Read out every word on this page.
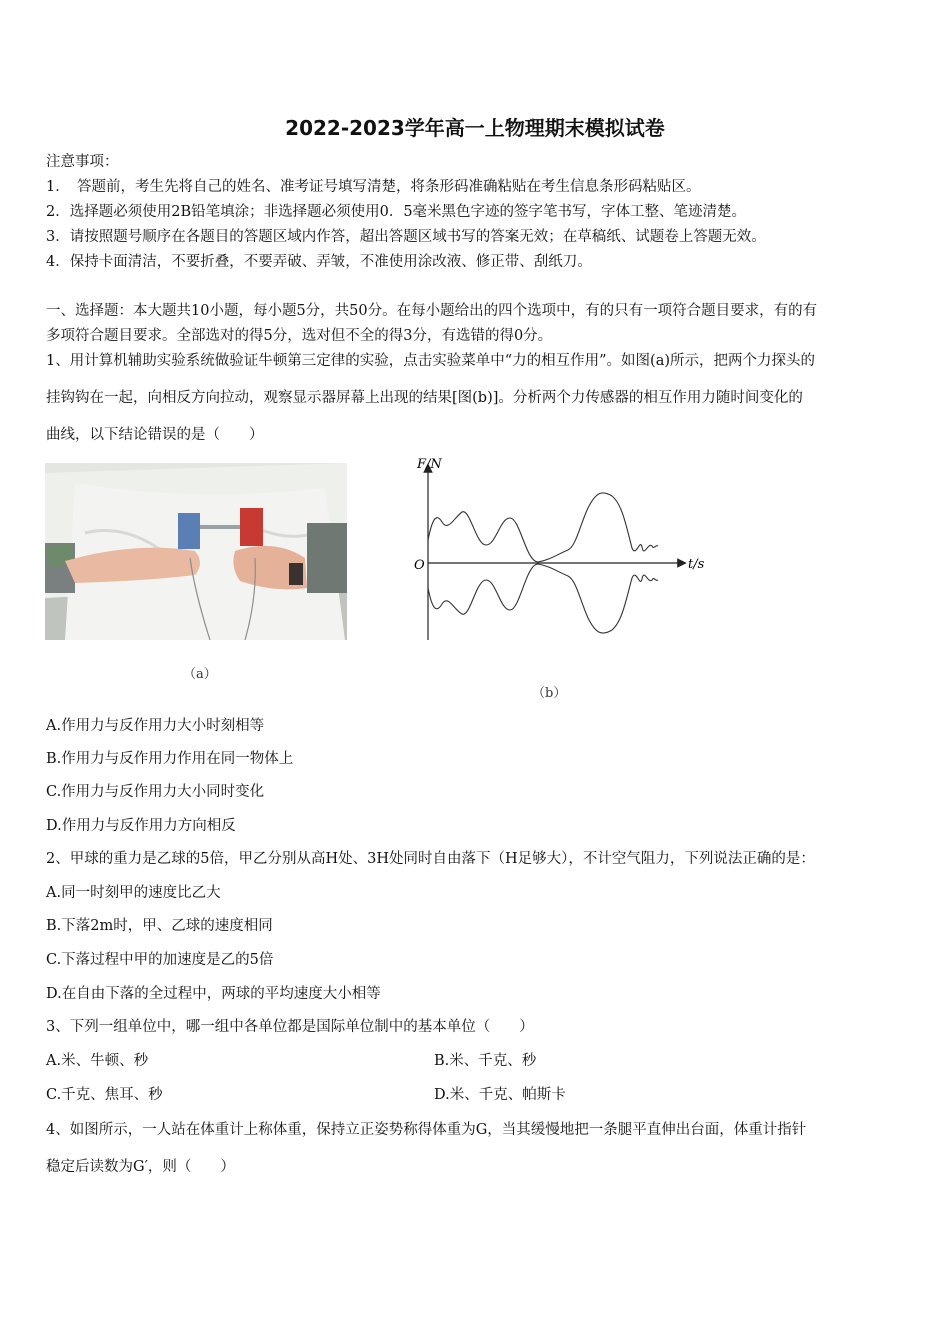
2022-2023学年高一上物理期末模拟试卷
注意事项：
1．　答题前，考生先将自己的姓名、准考证号填写清楚，将条形码准确粘贴在考生信息条形码粘贴区。
2．选择题必须使用2B铅笔填涂；非选择题必须使用0．5毫米黑色字迹的签字笔书写，字体工整、笔迹清楚。
3．请按照题号顺序在各题目的答题区域内作答，超出答题区域书写的答案无效；在草稿纸、试题卷上答题无效。
4．保持卡面清洁，不要折叠，不要弄破、弄皱，不准使用涂改液、修正带、刮纸刀。
一、选择题：本大题共10小题，每小题5分，共50分。在每小题给出的四个选项中，有的只有一项符合题目要求，有的有
多项符合题目要求。全部选对的得5分，选对但不全的得3分，有选错的得0分。
1、用计算机辅助实验系统做验证牛顿第三定律的实验，点击实验菜单中“力的相互作用”。如图(a)所示，把两个力探头的
挂钩钩在一起，向相反方向拉动，观察显示器屏幕上出现的结果[图(b)]。分析两个力传感器的相互作用力随时间变化的
曲线，以下结论错误的是（　　）
（a）
F/N
t/s
O
（b）
A.作用力与反作用力大小时刻相等
B.作用力与反作用力作用在同一物体上
C.作用力与反作用力大小同时变化
D.作用力与反作用力方向相反
2、甲球的重力是乙球的5倍，甲乙分别从高H处、3H处同时自由落下（H足够大），不计空气阻力，下列说法正确的是：
A.同一时刻甲的速度比乙大
B.下落2m时，甲、乙球的速度相同
C.下落过程中甲的加速度是乙的5倍
D.在自由下落的全过程中，两球的平均速度大小相等
3、下列一组单位中，哪一组中各单位都是国际单位制中的基本单位（　　）
A.米、牛顿、秒	B.米、千克、秒
C.千克、焦耳、秒	D.米、千克、帕斯卡
4、如图所示，一人站在体重计上称体重，保持立正姿势称得体重为G，当其缓慢地把一条腿平直伸出台面，体重计指针
稳定后读数为G′，则（　　）
